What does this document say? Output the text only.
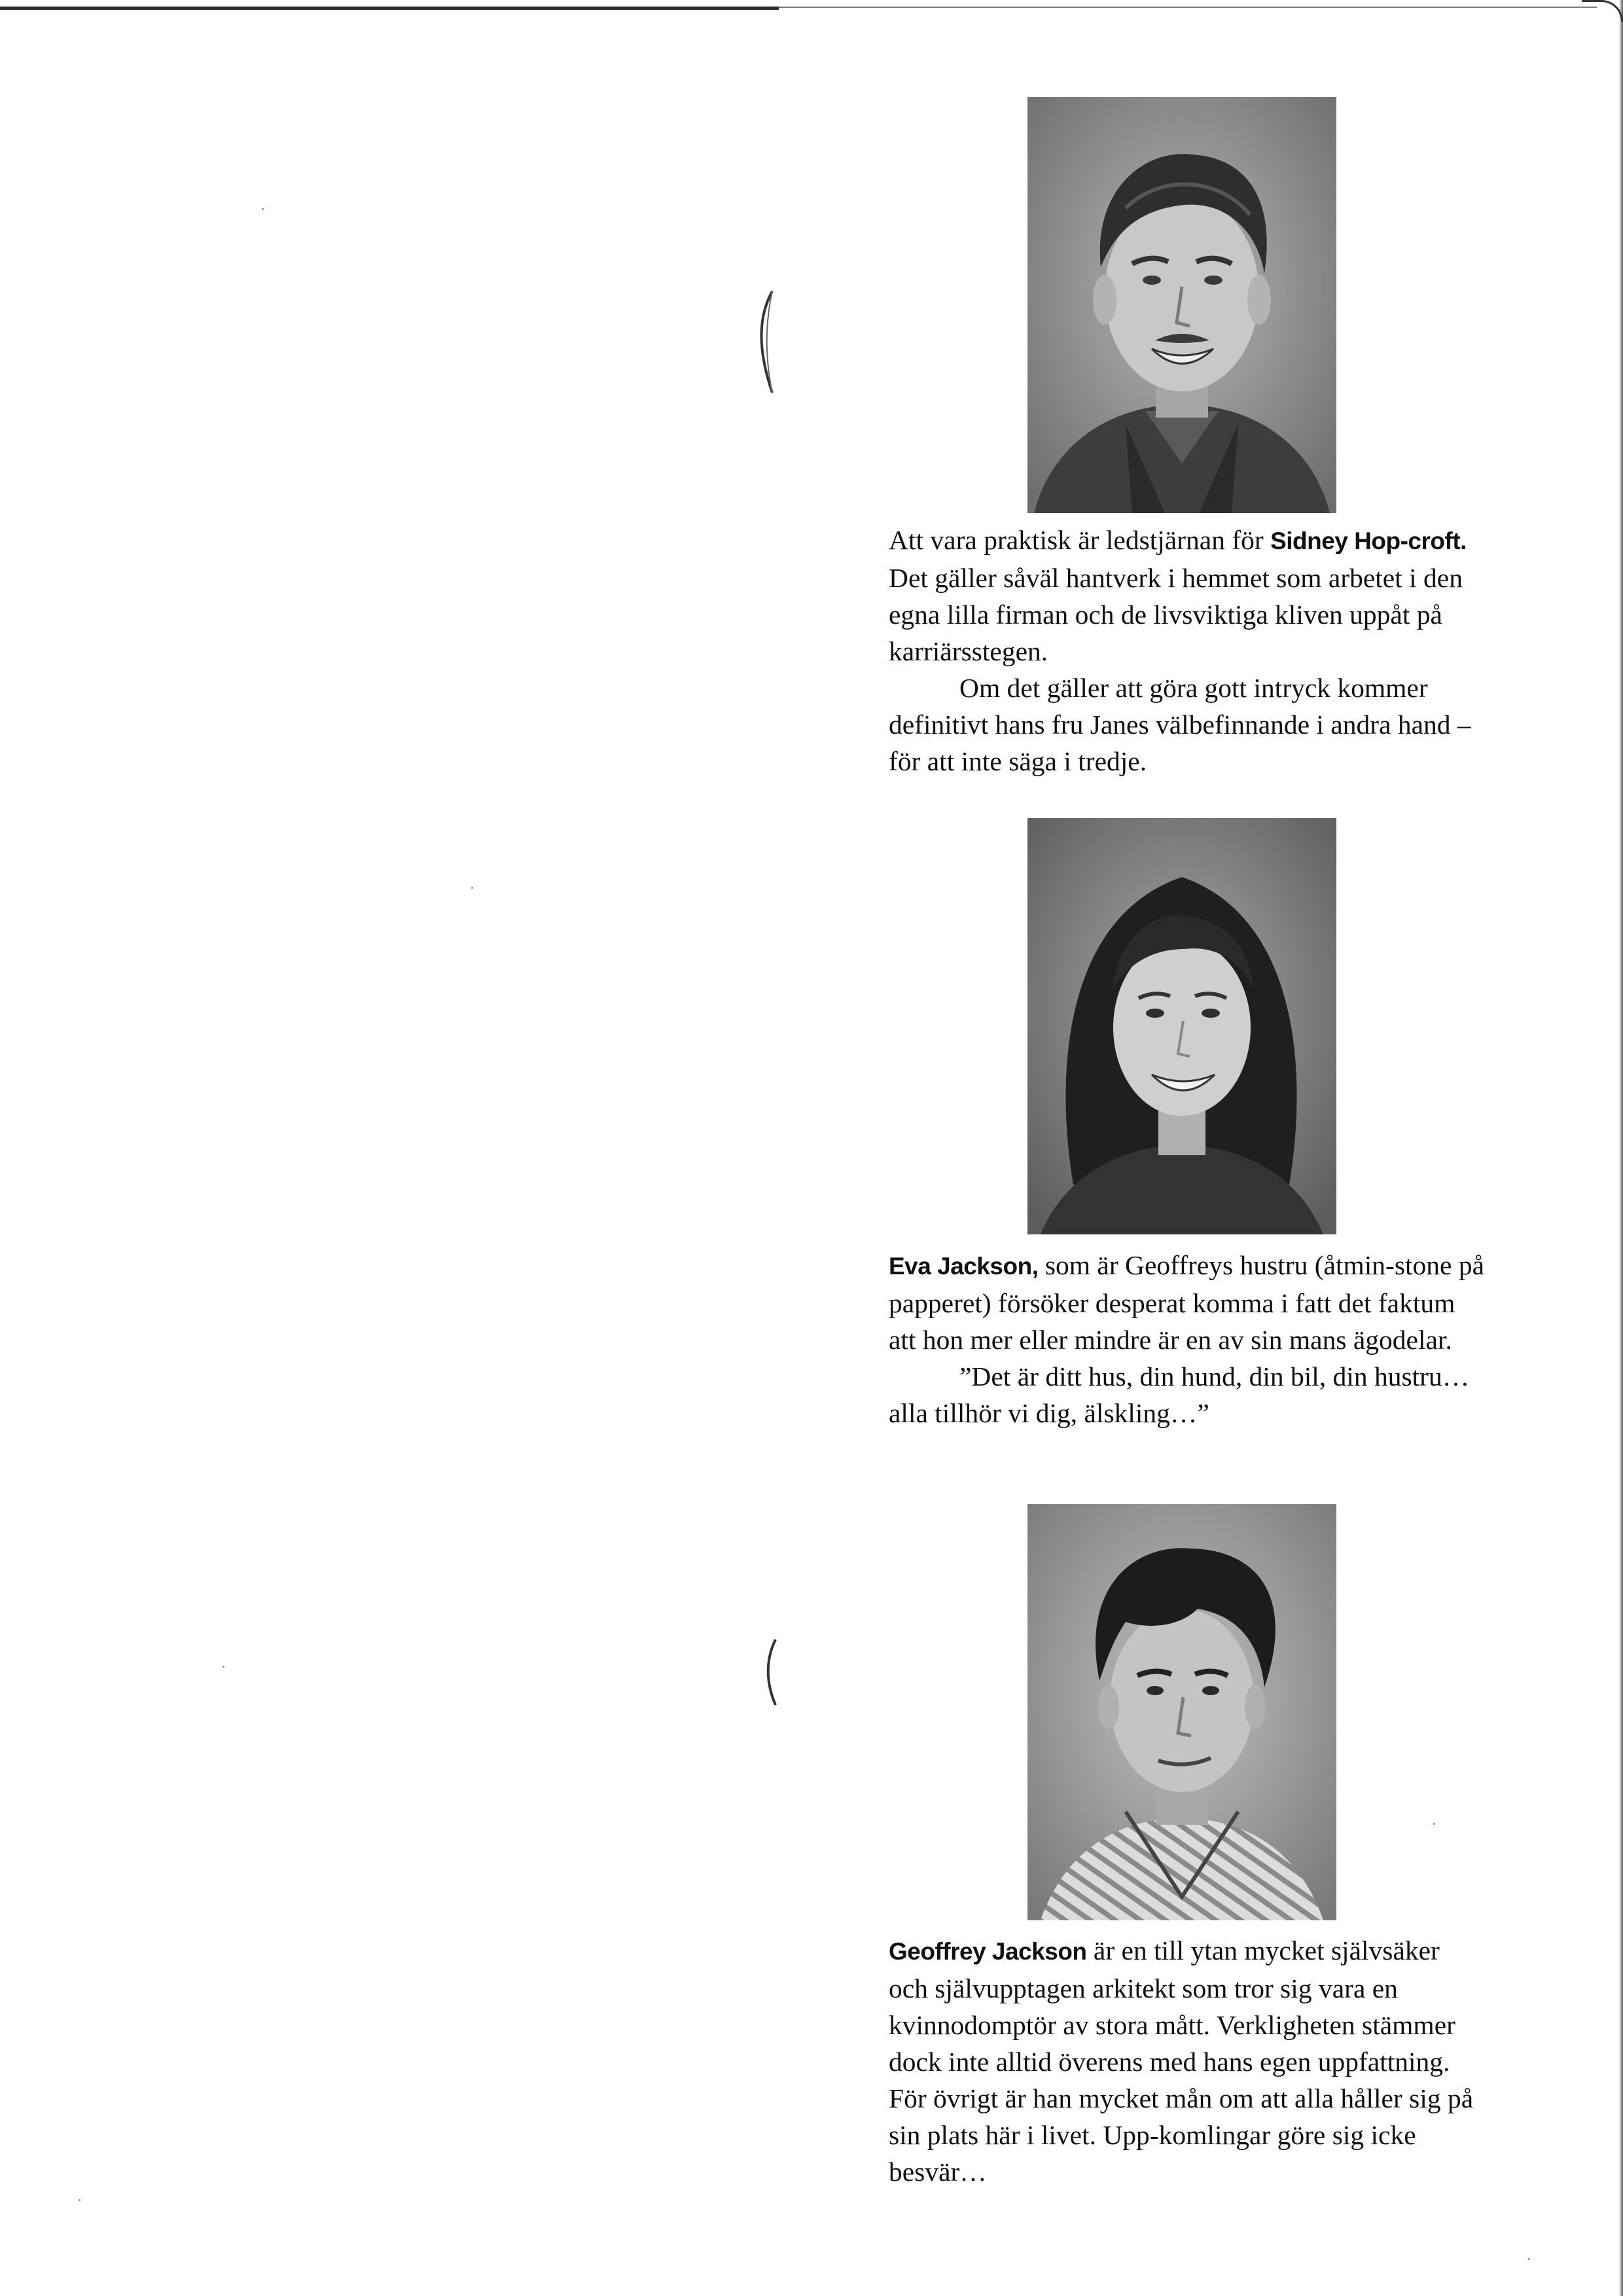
Att vara praktisk är ledstjärnan för Sidney Hop-croft. Det gäller såväl hantverk i hemmet som arbetet i den egna lilla firman och de livsviktiga kliven uppåt på karriärsstegen.

Om det gäller att göra gott intryck kommer definitivt hans fru Janes välbefinnande i andra hand – för att inte säga i tredje.

Eva Jackson, som är Geoffreys hustru (åtmin-stone på papperet) försöker desperat komma i fatt det faktum att hon mer eller mindre är en av sin mans ägodelar.

”Det är ditt hus, din hund, din bil, din hustru… alla tillhör vi dig, älskling…”

Geoffrey Jackson är en till ytan mycket självsäker och självupptagen arkitekt som tror sig vara en kvinnodomptör av stora mått. Verkligheten stämmer dock inte alltid överens med hans egen uppfattning. För övrigt är han mycket mån om att alla håller sig på sin plats här i livet. Upp-komlingar göre sig icke besvär…
